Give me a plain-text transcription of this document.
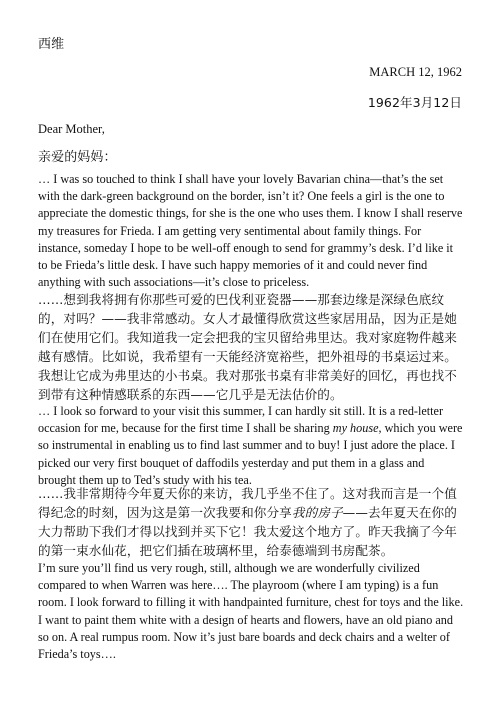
西维
MARCH 12, 1962
1962年3月12日
Dear Mother,
亲爱的妈妈：

… I was so touched to think I shall have your lovely Bavarian china—that’s the set with the dark-green background on the border, isn’t it? One feels a girl is the one to appreciate the domestic things, for she is the one who uses them. I know I shall reserve my treasures for Frieda. I am getting very sentimental about family things. For instance, someday I hope to be well-off enough to send for grammy’s desk. I’d like it to be Frieda’s little desk. I have such happy memories of it and could never find anything with such associations—it’s close to priceless.

……想到我将拥有你那些可爱的巴伐利亚瓷器——那套边缘是深绿色底纹的，对吗？——我非常感动。女人才最懂得欣赏这些家居用品，因为正是她们在使用它们。我知道我一定会把我的宝贝留给弗里达。我对家庭物件越来越有感情。比如说，我希望有一天能经济宽裕些，把外祖母的书桌运过来。我想让它成为弗里达的小书桌。我对那张书桌有非常美好的回忆，再也找不到带有这种情感联系的东西——它几乎是无法估价的。

… I look so forward to your visit this summer, I can hardly sit still. It is a red-letter occasion for me, because for the first time I shall be sharing my house, which you were so instrumental in enabling us to find last summer and to buy! I just adore the place. I picked our very first bouquet of daffodils yesterday and put them in a glass and brought them up to Ted’s study with his tea.

……我非常期待今年夏天你的来访，我几乎坐不住了。这对我而言是一个值得纪念的时刻，因为这是第一次我要和你分享我的房子——去年夏天在你的大力帮助下我们才得以找到并买下它！我太爱这个地方了。昨天我摘了今年的第一束水仙花，把它们插在玻璃杯里，给泰德端到书房配茶。

I’m sure you’ll find us very rough, still, although we are wonderfully civilized compared to when Warren was here…. The playroom (where I am typing) is a fun room. I look forward to filling it with handpainted furniture, chest for toys and the like. I want to paint them white with a design of hearts and flowers, have an old piano and so on. A real rumpus room. Now it’s just bare boards and deck chairs and a welter of Frieda’s toys….
